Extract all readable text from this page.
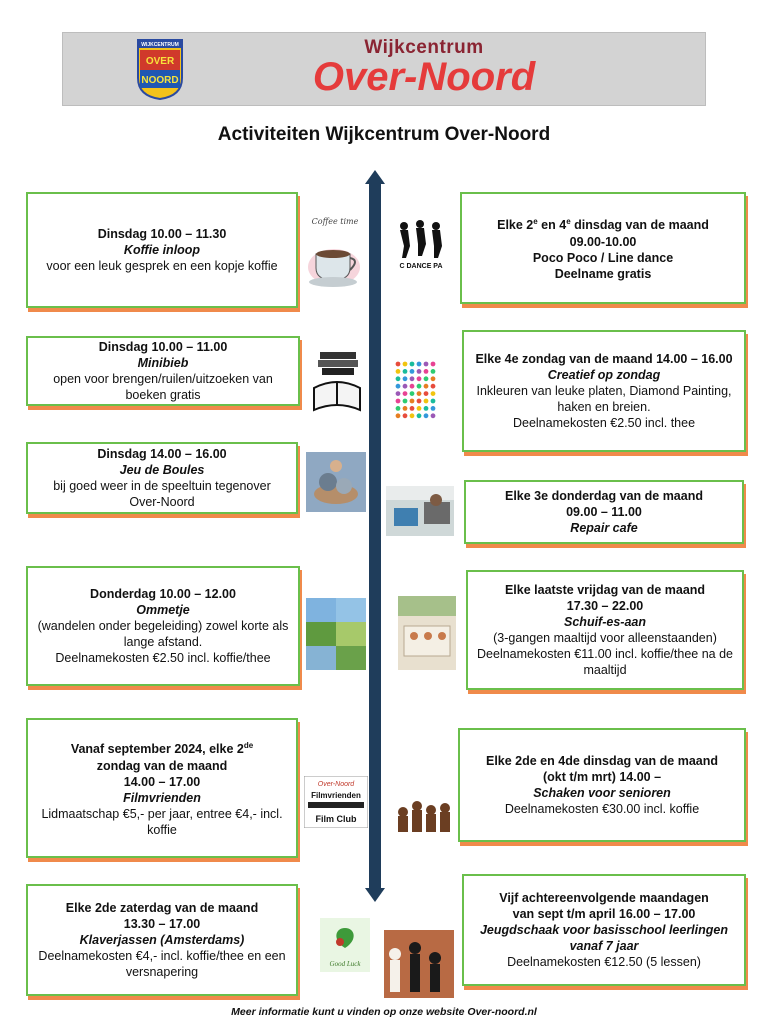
WIJKCENTRUM
OVER
NOORD
Wijkcentrum
Over-Noord
Activiteiten Wijkcentrum Over-Noord
Dinsdag 10.00 – 11.30
Koffie inloop
voor een leuk gesprek en een kopje koffie
Dinsdag 10.00 – 11.00
Minibieb
open voor brengen/ruilen/uitzoeken van boeken gratis
Dinsdag 14.00 – 16.00
Jeu de Boules
bij goed weer in de speeltuin tegenover Over-Noord
Donderdag 10.00 – 12.00
Ommetje
(wandelen onder begeleiding) zowel korte als lange afstand.
Deelnamekosten €2.50 incl. koffie/thee
Vanaf september 2024, elke 2de
zondag van de maand
14.00 – 17.00
Filmvrienden
Lidmaatschap €5,- per jaar, entree €4,- incl. koffie
Elke 2de zaterdag van de maand
13.30 – 17.00
Klaverjassen (Amsterdams)
Deelnamekosten €4,- incl. koffie/thee en een versnapering
Elke 2e en 4e dinsdag van de maand
09.00-10.00
Poco Poco / Line dance
Deelname gratis
Elke 4e zondag van de maand 14.00 – 16.00
Creatief op zondag
Inkleuren van leuke platen, Diamond Painting, haken en breien.
Deelnamekosten €2.50 incl. thee
Elke 3e donderdag van de maand
09.00 – 11.00
Repair cafe
Elke laatste vrijdag van de maand
17.30 – 22.00
Schuif-es-aan
(3-gangen maaltijd voor alleenstaanden)
Deelnamekosten €11.00 incl. koffie/thee na de maaltijd
Elke 2de en 4de dinsdag van de maand
(okt t/m mrt) 14.00 –
Schaken voor senioren
Deelnamekosten €30.00 incl. koffie
Vijf achtereenvolgende maandagen
van sept t/m april 16.00 – 17.00
Jeugdschaak voor basisschool leerlingen vanaf 7 jaar
Deelnamekosten €12.50 (5 lessen)
Coffee time
C DANCE PA
Over-Noord
Filmvrienden
Film Club
Good Luck
Meer informatie kunt u vinden op onze website Over-noord.nl
